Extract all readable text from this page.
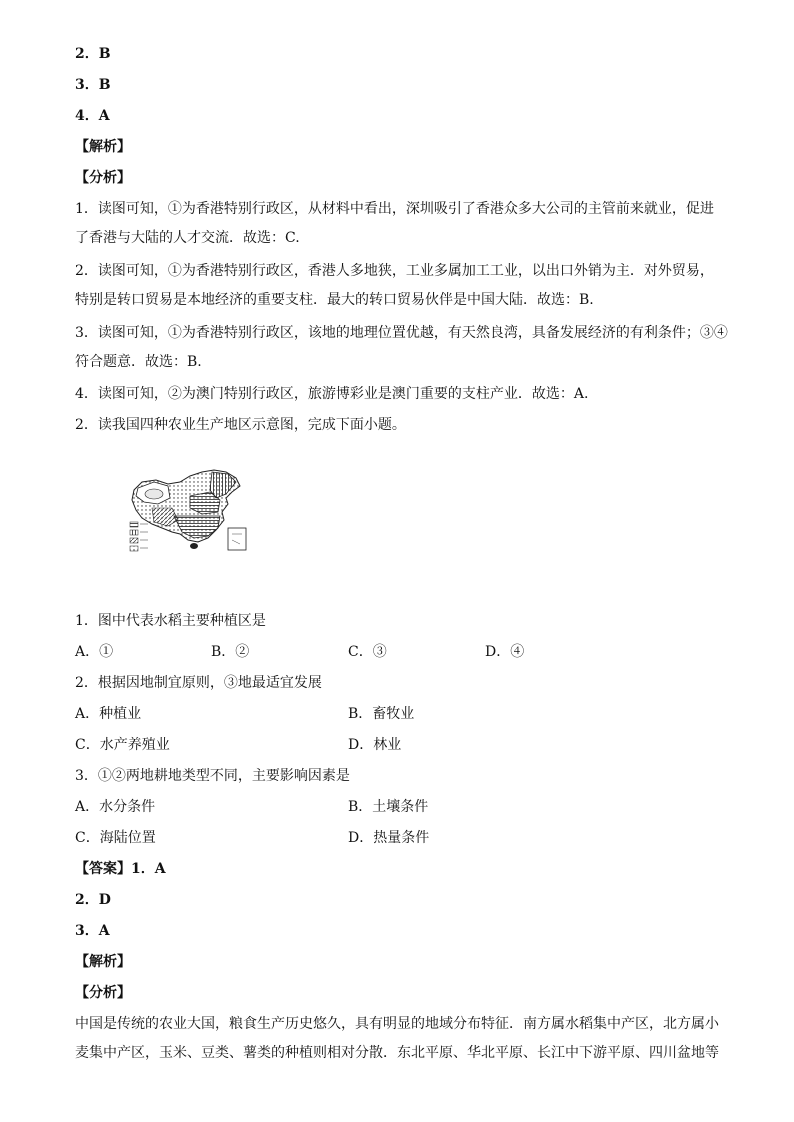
2．B
3．B
4．A
【解析】
【分析】
1．读图可知，①为香港特别行政区，从材料中看出，深圳吸引了香港众多大公司的主管前来就业，促进
了香港与大陆的人才交流．故选：C.
2．读图可知，①为香港特别行政区，香港人多地狭，工业多属加工工业，以出口外销为主．对外贸易，
特别是转口贸易是本地经济的重要支柱．最大的转口贸易伙伴是中国大陆．故选：B.
3．读图可知，①为香港特别行政区，该地的地理位置优越，有天然良湾，具备发展经济的有利条件；③④
符合题意．故选：B.
4．读图可知，②为澳门特别行政区，旅游博彩业是澳门重要的支柱产业．故选：A.
2．读我国四种农业生产地区示意图，完成下面小题。
1．图中代表水稻主要种植区是
A．①	B．②	C．③	D．④
2．根据因地制宜原则，③地最适宜发展
A．种植业	B．畜牧业
C．水产养殖业	D．林业
3．①②两地耕地类型不同，主要影响因素是
A．水分条件	B．土壤条件
C．海陆位置	D．热量条件
【答案】1．A
2．D
3．A
【解析】
【分析】
中国是传统的农业大国，粮食生产历史悠久，具有明显的地域分布特征．南方属水稻集中产区，北方属小
麦集中产区，玉米、豆类、薯类的种植则相对分散．东北平原、华北平原、长江中下游平原、四川盆地等
